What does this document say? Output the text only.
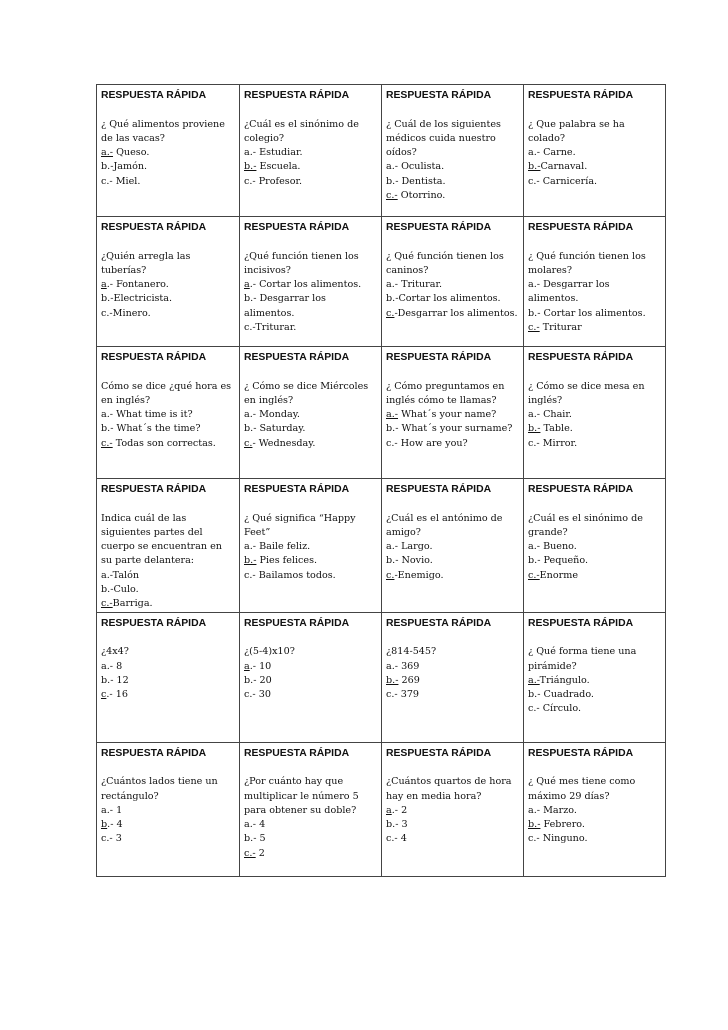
RESPUESTA RÁPIDA
¿ Qué alimentos proviene de las vacas?
a.- Queso.
b.-Jamón.
c.- Miel.	RESPUESTA RÁPIDA
¿Cuál es el sinónimo de colegio?
a.- Estudiar.
b.- Escuela.
c.- Profesor.	RESPUESTA RÁPIDA
¿ Cuál de los siguientes médicos cuida nuestro oídos?
a.- Oculista.
b.- Dentista.
c.- Otorrino.	RESPUESTA RÁPIDA
¿ Que palabra se ha colado?
a.- Carne.
b.-Carnaval.
c.- Carnicería.

RESPUESTA RÁPIDA
¿Quién arregla las tuberías?
a.- Fontanero.
b.-Electricista.
c.-Minero.	RESPUESTA RÁPIDA
¿Qué función tienen los incisivos?
a.- Cortar los alimentos.
b.- Desgarrar los alimentos.
c.-Triturar.	RESPUESTA RÁPIDA
¿ Qué función tienen los caninos?
a.- Triturar.
b.-Cortar los alimentos.
c.-Desgarrar los alimentos.	RESPUESTA RÁPIDA
¿ Qué función tienen los molares?
a.- Desgarrar los alimentos.
b.- Cortar los alimentos.
c.- Triturar

RESPUESTA RÁPIDA
Cómo se dice ¿qué hora es en inglés?
a.- What time is it?
b.- What´s the time?
c.- Todas son correctas.	RESPUESTA RÁPIDA
¿ Cómo se dice Miércoles en inglés?
a.- Monday.
b.- Saturday.
c.- Wednesday.	RESPUESTA RÁPIDA
¿ Cómo preguntamos en inglés cómo te llamas?
a.- What´s your name?
b.- What´s your surname?
c.- How are you?	RESPUESTA RÁPIDA
¿ Cómo se dice mesa en inglés?
a.- Chair.
b.- Table.
c.- Mirror.

RESPUESTA RÁPIDA
Indica cuál de las siguientes partes del cuerpo se encuentran en su parte delantera:
a.-Talón
b.-Culo.
c.-Barriga.	RESPUESTA RÁPIDA
¿ Qué significa “Happy Feet”
a.- Baile feliz.
b.- Pies felices.
c.- Bailamos todos.	RESPUESTA RÁPIDA
¿Cuál es el antónimo de amigo?
a.- Largo.
b.- Novio.
c.-Enemigo.	RESPUESTA RÁPIDA
¿Cuál es el sinónimo de grande?
a.- Bueno.
b.- Pequeño.
c.-Enorme

RESPUESTA RÁPIDA
¿4x4?
a.- 8
b.- 12
c.- 16	RESPUESTA RÁPIDA
¿(5-4)x10?
a.- 10
b.- 20
c.- 30	RESPUESTA RÁPIDA
¿814-545?
a.- 369
b.- 269
c.- 379	RESPUESTA RÁPIDA
¿ Qué forma tiene una pirámide?
a.-Triángulo.
b.- Cuadrado.
c.- Círculo.

RESPUESTA RÁPIDA
¿Cuántos lados tiene un rectángulo?
a.- 1
b.- 4
c.- 3	RESPUESTA RÁPIDA
¿Por cuánto hay que multiplicar le número 5 para obtener su doble?
a.- 4
b.- 5
c.- 2	RESPUESTA RÁPIDA
¿Cuántos quartos de hora hay en media hora?
a.- 2
b.- 3
c.- 4	RESPUESTA RÁPIDA
¿ Qué mes tiene como máximo 29 días?
a.- Marzo.
b.- Febrero.
c.- Ninguno.
